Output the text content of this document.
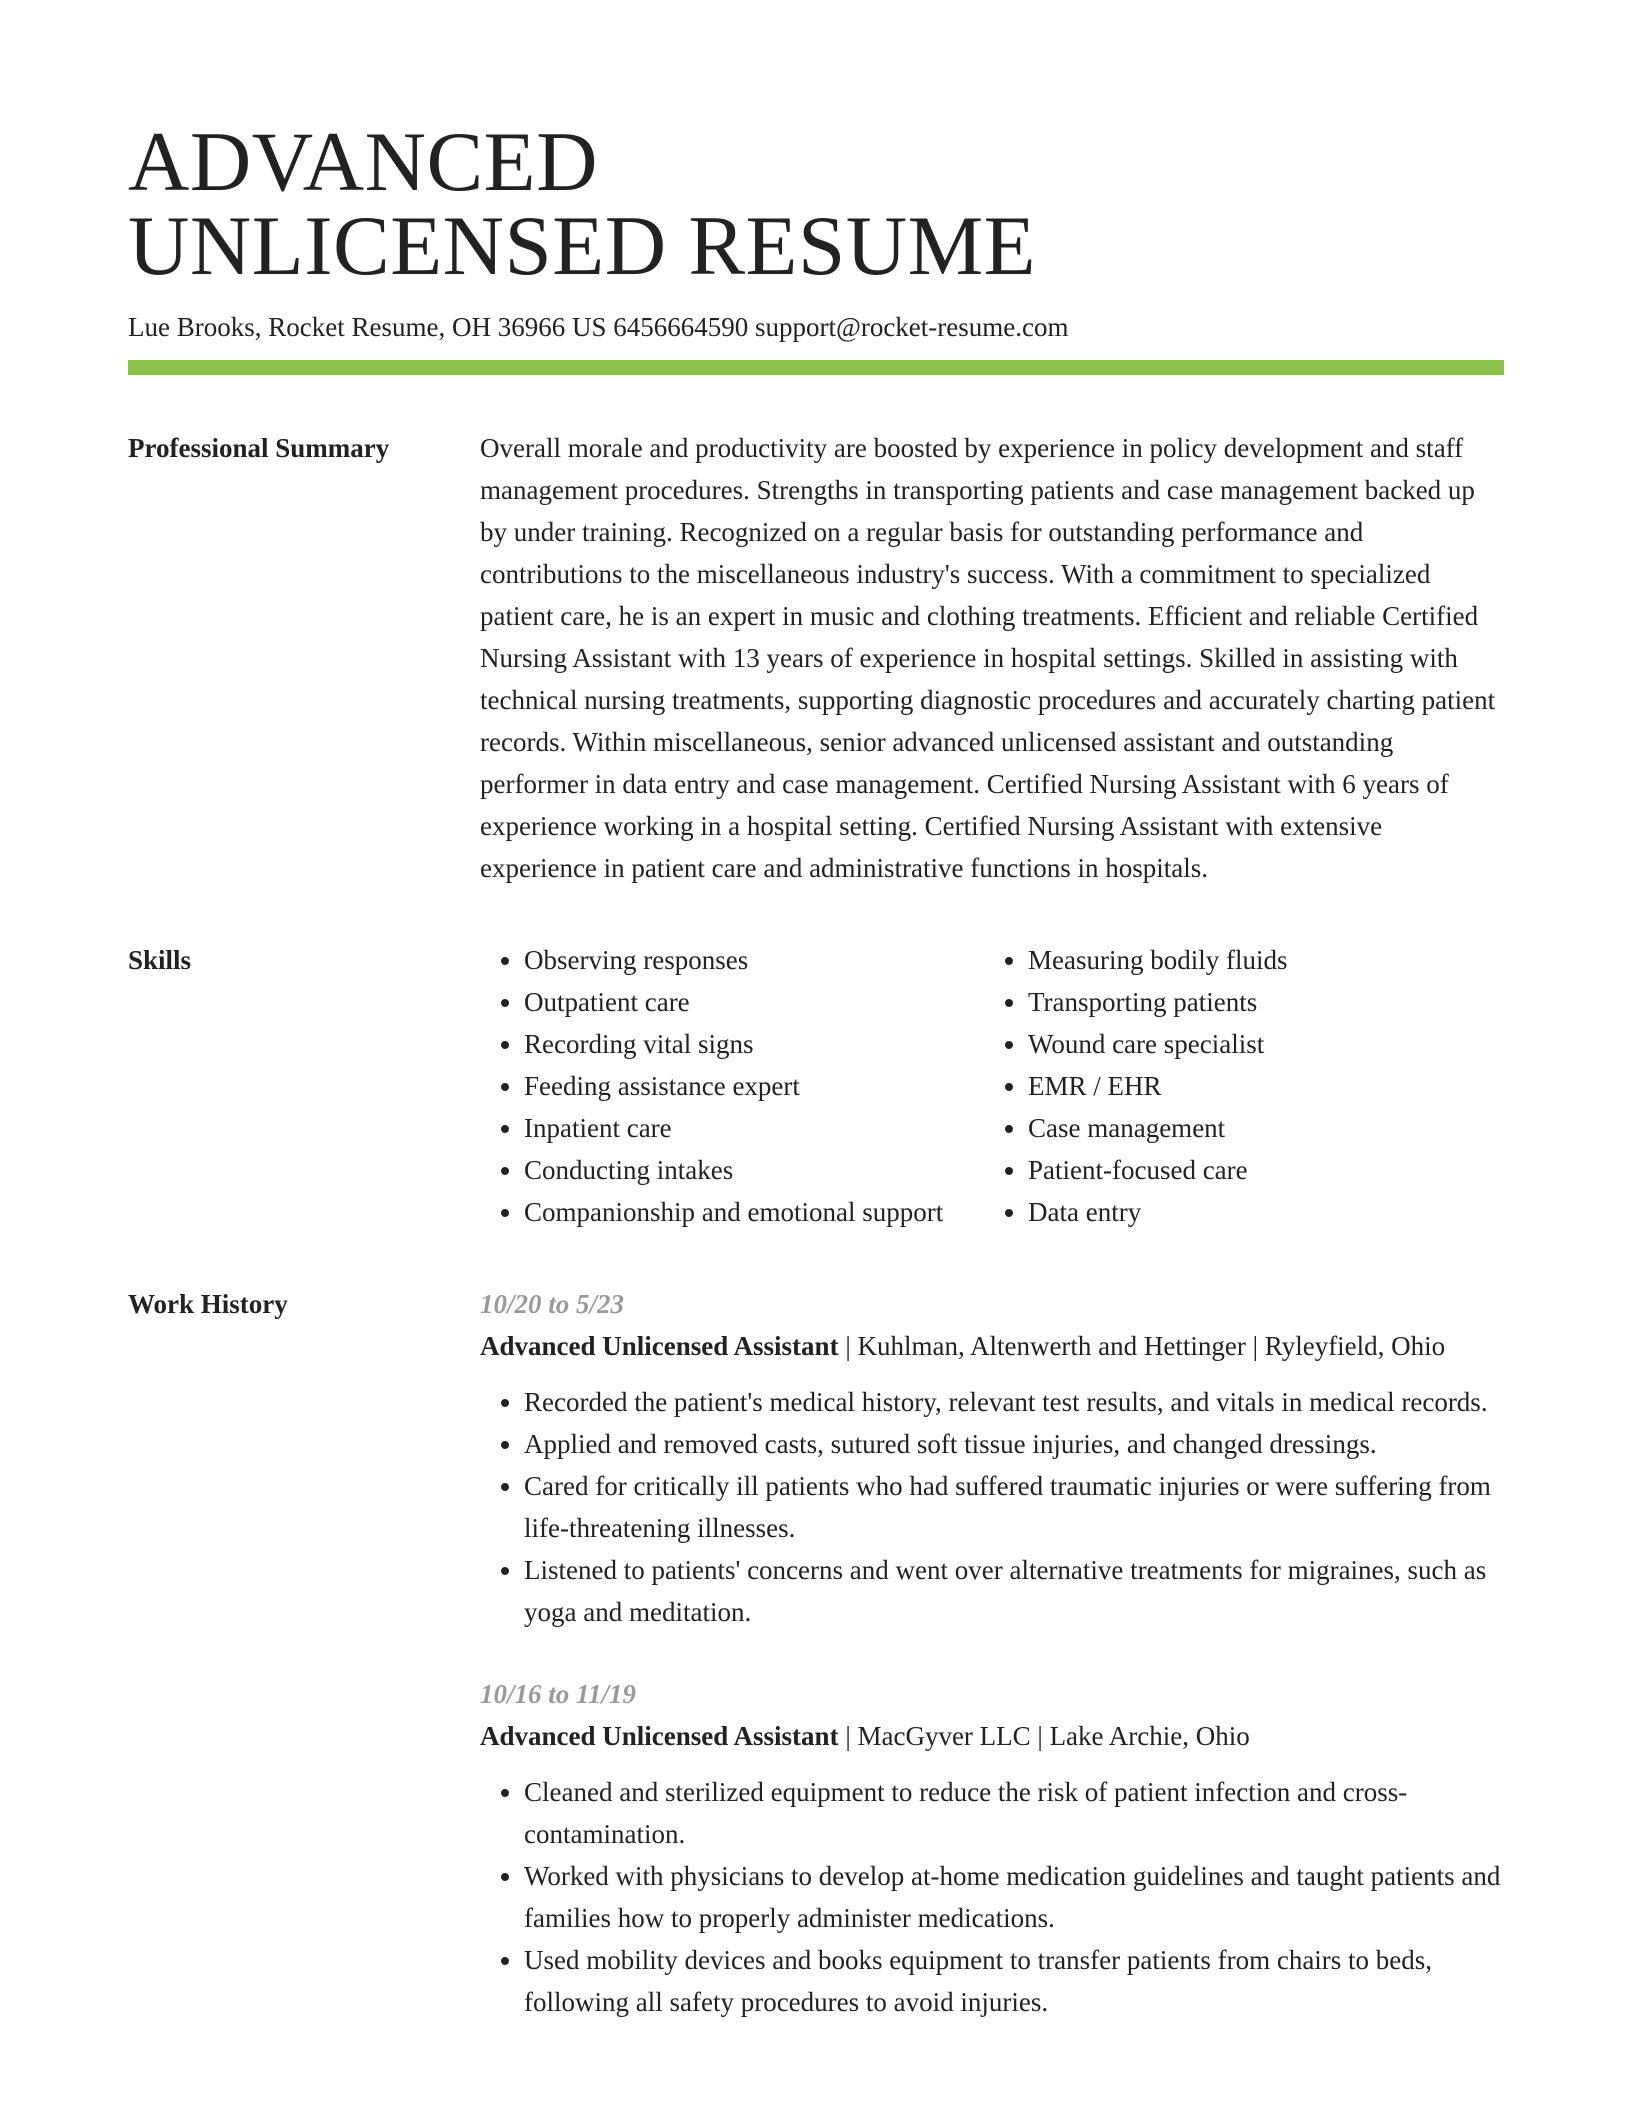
ADVANCED
UNLICENSED RESUME
Lue Brooks, Rocket Resume, OH 36966 US 6456664590 support@rocket-resume.com
Professional Summary	Overall morale and productivity are boosted by experience in policy development and staff management procedures. Strengths in transporting patients and case management backed up by under training. Recognized on a regular basis for outstanding performance and contributions to the miscellaneous industry's success. With a commitment to specialized patient care, he is an expert in music and clothing treatments. Efficient and reliable Certified Nursing Assistant with 13 years of experience in hospital settings. Skilled in assisting with technical nursing treatments, supporting diagnostic procedures and accurately charting patient records. Within miscellaneous, senior advanced unlicensed assistant and outstanding performer in data entry and case management. Certified Nursing Assistant with 6 years of experience working in a hospital setting. Certified Nursing Assistant with extensive experience in patient care and administrative functions in hospitals.

Skills
•	Observing responses
• Outpatient care
• Recording vital signs
• Feeding assistance expert
• Inpatient care
• Conducting intakes
• Companionship and emotional support
• Measuring bodily fluids
• Transporting patients
• Wound care specialist
• EMR / EHR
• Case management
• Patient-focused care
• Data entry
Work History	10/20 to 5/23
Advanced Unlicensed Assistant | Kuhlman, Altenwerth and Hettinger | Ryleyfield, Ohio
• Recorded the patient's medical history, relevant test results, and vitals in medical records.
• Applied and removed casts, sutured soft tissue injuries, and changed dressings.
• Cared for critically ill patients who had suffered traumatic injuries or were suffering from life-threatening illnesses.
• Listened to patients' concerns and went over alternative treatments for migraines, such as yoga and meditation.
10/16 to 11/19
Advanced Unlicensed Assistant | MacGyver LLC | Lake Archie, Ohio
• Cleaned and sterilized equipment to reduce the risk of patient infection and cross-contamination.
• Worked with physicians to develop at-home medication guidelines and taught patients and families how to properly administer medications.
• Used mobility devices and books equipment to transfer patients from chairs to beds, following all safety procedures to avoid injuries.
